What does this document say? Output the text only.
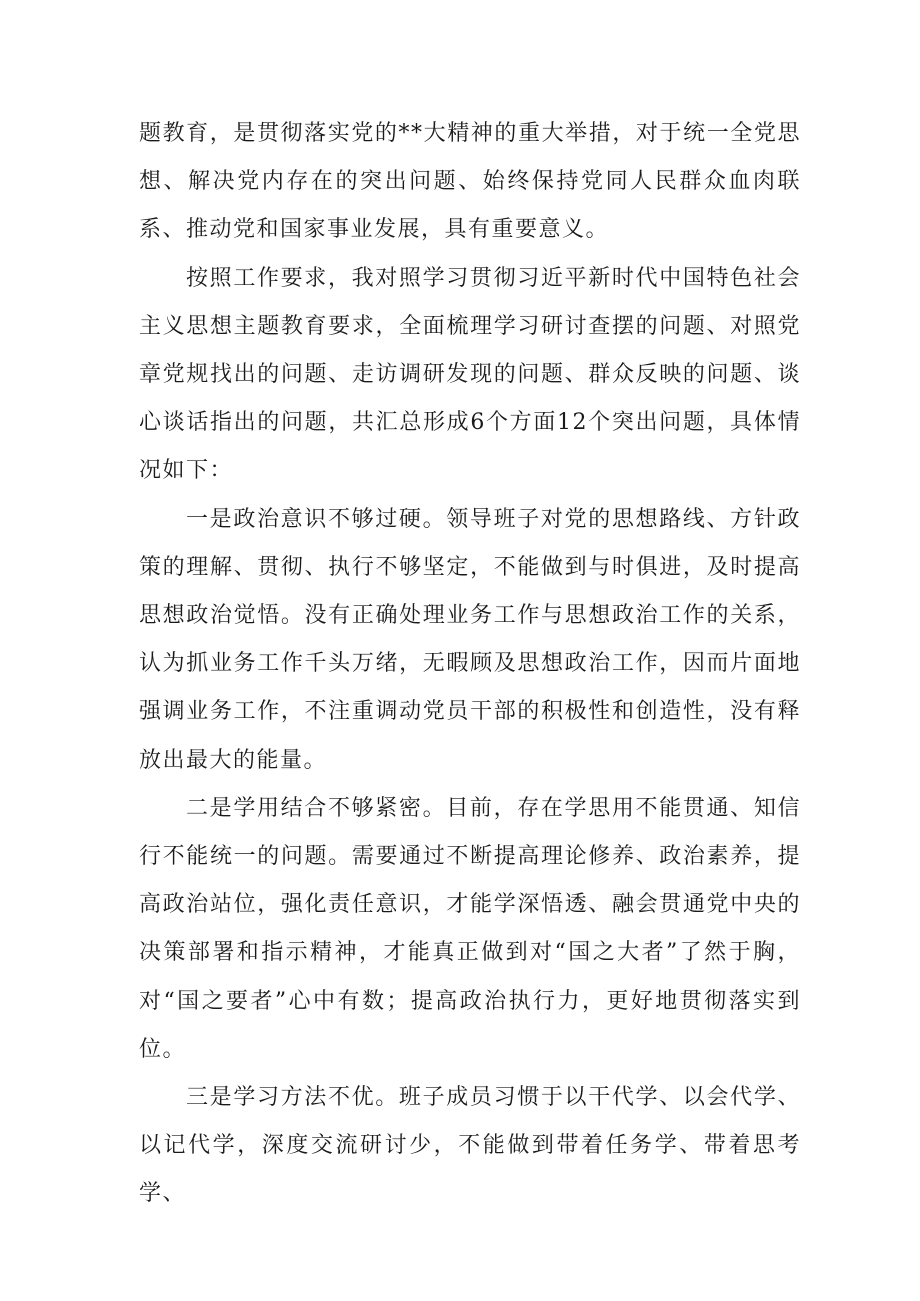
题教育，是贯彻落实党的**大精神的重大举措，对于统一全党思想、解决党内存在的突出问题、始终保持党同人民群众血肉联系、推动党和国家事业发展，具有重要意义。

按照工作要求，我对照学习贯彻习近平新时代中国特色社会主义思想主题教育要求，全面梳理学习研讨查摆的问题、对照党章党规找出的问题、走访调研发现的问题、群众反映的问题、谈心谈话指出的问题，共汇总形成6个方面12个突出问题，具体情况如下：

一是政治意识不够过硬。领导班子对党的思想路线、方针政策的理解、贯彻、执行不够坚定，不能做到与时俱进，及时提高思想政治觉悟。没有正确处理业务工作与思想政治工作的关系，认为抓业务工作千头万绪，无暇顾及思想政治工作，因而片面地强调业务工作，不注重调动党员干部的积极性和创造性，没有释放出最大的能量。

二是学用结合不够紧密。目前，存在学思用不能贯通、知信行不能统一的问题。需要通过不断提高理论修养、政治素养，提高政治站位，强化责任意识，才能学深悟透、融会贯通党中央的决策部署和指示精神，才能真正做到对“国之大者”了然于胸，对“国之要者”心中有数；提高政治执行力，更好地贯彻落实到位。

三是学习方法不优。班子成员习惯于以干代学、以会代学、以记代学，深度交流研讨少，不能做到带着任务学、带着思考学、
